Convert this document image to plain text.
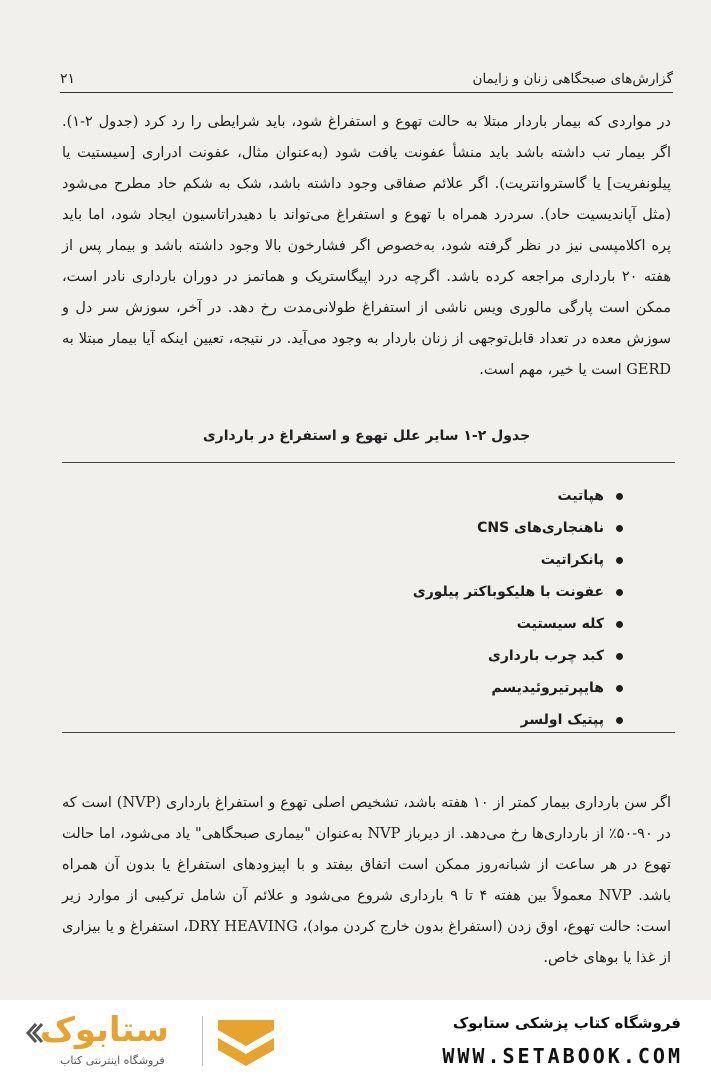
گزارش‌های صبحگاهی زنان و زایمان
۲۱

در مواردی که بیمار باردار مبتلا به حالت تهوع و استفراغ شود، باید شرایطی را رد کرد (جدول ۲-۱). اگر بیمار تب داشته باشد باید منشأ عفونت یافت شود (به‌عنوان مثال، عفونت ادراری [سیستیت یا پیلونفریت] یا گاستروانتریت). اگر علائم صفاقی وجود داشته باشد، شک به شکم حاد مطرح می‌شود (مثل آپاندیسیت حاد). سردرد همراه با تهوع و استفراغ می‌تواند با دهیدراتاسیون ایجاد شود، اما باید پره اکلامپسی نیز در نظر گرفته شود، به‌خصوص اگر فشارخون بالا وجود داشته باشد و بیمار پس از هفته ۲۰ بارداری مراجعه کرده باشد. اگرچه درد اپیگاستریک و هماتمز در دوران بارداری نادر است، ممکن است پارگی مالوری ویس ناشی از استفراغ طولانی‌مدت رخ دهد. در آخر، سوزش سر دل و سوزش معده در تعداد قابل‌توجهی از زنان باردار به وجود می‌آید. در نتیجه، تعیین اینکه آیا بیمار مبتلا به GERD است یا خیر، مهم است.

جدول ۲-۱ سایر علل تهوع و استفراغ در بارداری
هپاتیت
ناهنجاری‌های CNS
پانکراتیت
عفونت با هلیکوباکتر پیلوری
کله سیستیت
کبد چرب بارداری
هایپرتیروئیدیسم
پپتیک اولسر

اگر سن بارداری بیمار کمتر از ۱۰ هفته باشد، تشخیص اصلی تهوع و استفراغ بارداری (NVP) است که در ۹۰-۵۰٪ از بارداری‌ها رخ می‌دهد. از دیرباز NVP به‌عنوان "بیماری صبحگاهی" یاد می‌شود، اما حالت تهوع در هر ساعت از شبانه‌روز ممکن است اتفاق بیفتد و با اپیزودهای استفراغ یا بدون آن همراه باشد. NVP معمولاً بین هفته ۴ تا ۹ بارداری شروع می‌شود و علائم آن شامل ترکیبی از موارد زیر است: حالت تهوع، اوق زدن (استفراغ بدون خارج کردن مواد)، DRY HEAVING، استفراغ و یا بیزاری از غذا یا بوهای خاص.

فروشگاه کتاب پزشکی ستابوک
WWW.SETABOOK.COM
ستابوک
فروشگاه اینترنتی کتاب
